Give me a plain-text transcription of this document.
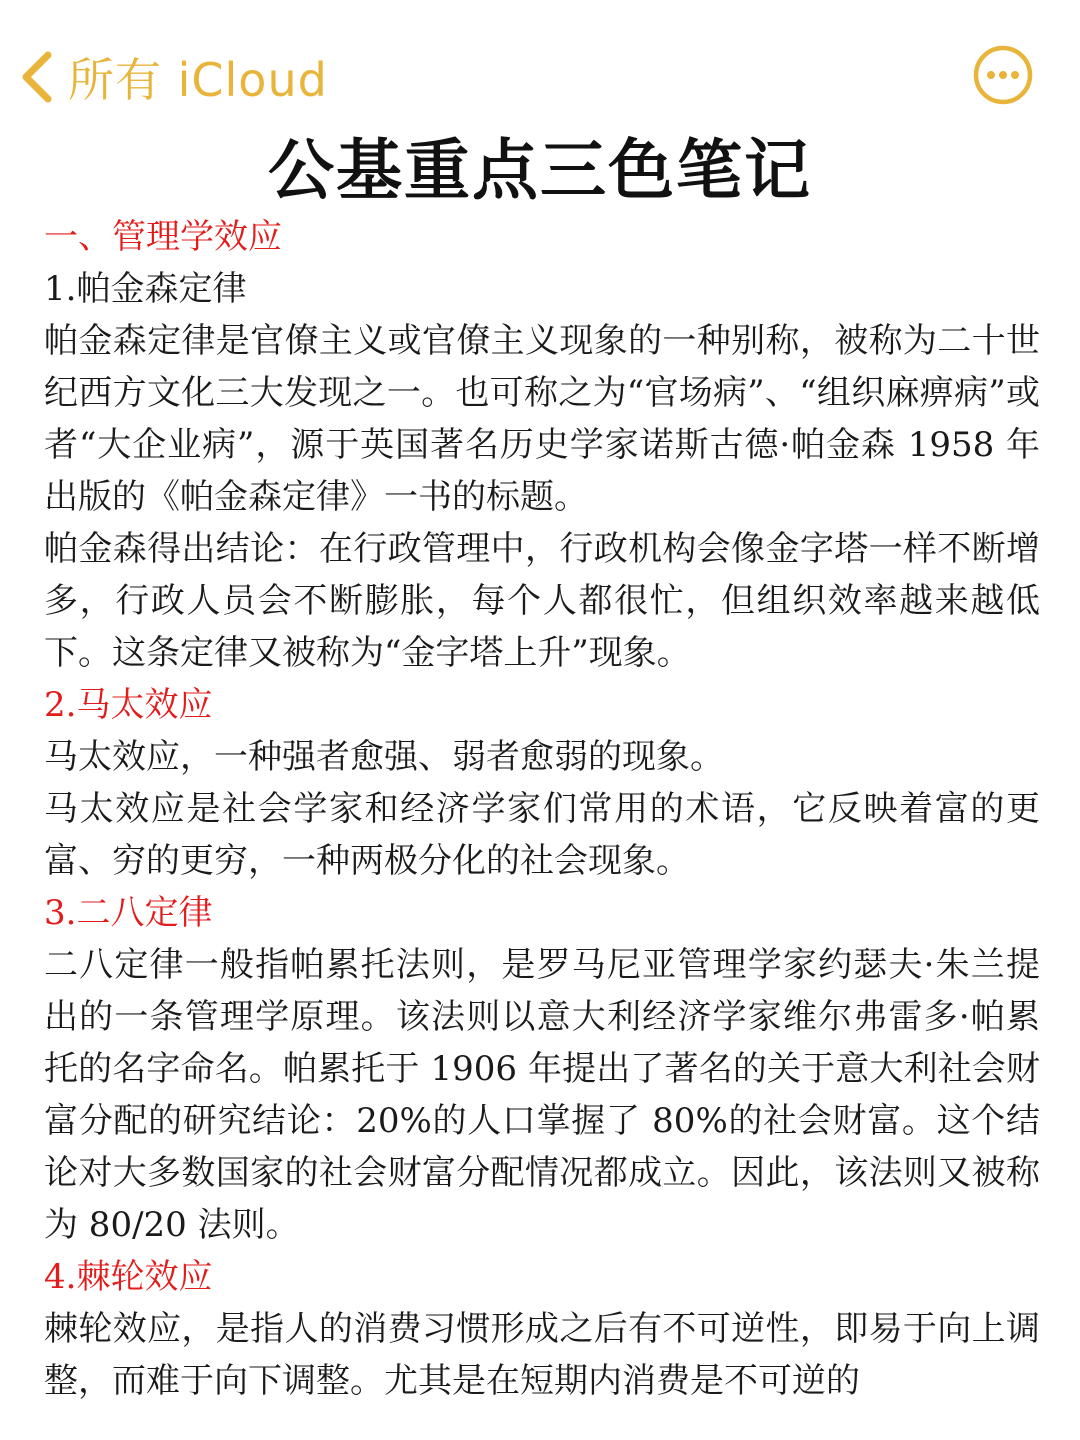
所有 iCloud
公基重点三色笔记

一、管理学效应

1.帕金森定律

帕金森定律是官僚主义或官僚主义现象的一种别称，被称为二十世纪西方文化三大发现之一。也可称之为“官场病”、“组织麻痹病”或者“大企业病”，源于英国著名历史学家诺斯古德·帕金森 1958 年出版的《帕金森定律》一书的标题。

帕金森得出结论：在行政管理中，行政机构会像金字塔一样不断增多，行政人员会不断膨胀，每个人都很忙，但组织效率越来越低下。这条定律又被称为“金字塔上升”现象。

2.马太效应

马太效应，一种强者愈强、弱者愈弱的现象。

马太效应是社会学家和经济学家们常用的术语，它反映着富的更富、穷的更穷，一种两极分化的社会现象。

3.二八定律

二八定律一般指帕累托法则，是罗马尼亚管理学家约瑟夫·朱兰提出的一条管理学原理。该法则以意大利经济学家维尔弗雷多·帕累托的名字命名。帕累托于 1906 年提出了著名的关于意大利社会财富分配的研究结论：20%的人口掌握了 80%的社会财富。这个结论对大多数国家的社会财富分配情况都成立。因此，该法则又被称为 80/20 法则。

4.棘轮效应

棘轮效应，是指人的消费习惯形成之后有不可逆性，即易于向上调整，而难于向下调整。尤其是在短期内消费是不可逆的
